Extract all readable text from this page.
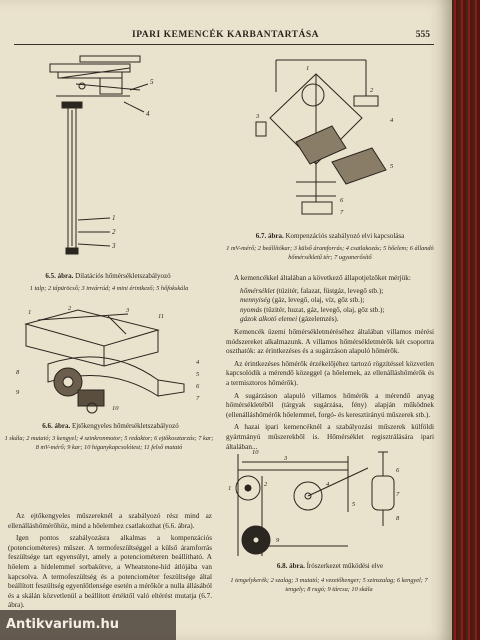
IPARI KEMENCÉK KARBANTARTÁSA	555
1
2
3
4
5
6.5. ábra. Dilatációs hőmérsékletszabályozó
1 talp; 2 tápüröcső; 3 invárrúd; 4 mini érintkező; 5 hőfokskála
1
2	3
4
5
6
7
8
9
10
11
6.6. ábra. Ejtőkengyeles hőmérsékletszabályozó
1 skála; 2 mutató; 3 kengyel; 4 szinkronmotor; 5 redaktor; 6 ejtőkosztarzás; 7 kar; 8 mV-mérő; 9 kar; 10 higanykapcsolótest; 11 felső mutató

Az ejtőkengyeles műszereknél a szabályozó rész mind az ellenálláshőmérőhöz, mind a hőelemhez csatlakozhat (6.6. ábra).

Igen pontos szabályozásra alkalmas a kompenzációs (potenciométeres) műszer. A termofeszültséggel a külső áramforrás feszültsége tart egyensúlyt, amely a potenciométeren beállítható. A hőelem a hídelemmel sorbakötve, a Wheatstone-híd átlójába van kapcsolva. A termofeszültség és a potenciométer feszültsége által beállított feszültség egyenlőtlensége esetén a mérőkör a nulla állásából és a skálán közvetlenül a beállított értéktől való eltérést mutatja (6.7. ábra).

1
2
3
4
5
6
7
6.7. ábra. Kompenzációs szabályozó elvi kapcsolása
1 mV-mérő; 2 beállítókar; 3 külső áramforrás; 4 csatlakozás; 5 hőelem; 6 állandó hőmérsékletű tér; 7 ugyanerősítő

A kemencékkel általában a következő állapotjelzőket mérjük:

hőmérséklet (tüzitér, falazat, füstgáz, levegő stb.);
mennyiség (gáz, levegő, olaj, víz, gőz stb.);
nyomás (tüzitér, huzat, gáz, levegő, olaj, gőz stb.);
gázok alkotó elemei (gázelemzés).

Kemencék üzemi hőmérsékletméréséhez általában villamos mérési módszereket alkalmazunk. A villamos hőmérsékletmérők két csoportra oszthatók: az érintkezéses és a sugárzáson alapuló hőmérők.

Az érintkezéses hőmérők érzékelőjéhez tartozó rögzítéssel közvetlen kapcsolódik a mérendő közeggel (a hőelemek, az ellenálláshőmérők és a termisztoros hőmérők).

A sugárzáson alapuló villamos hőmérők a mérendő anyag hőmérsékletéből (tárgyak sugárzása, fény) alapján működnek (ellenálláshőmérők hőelemmel, forgó- és keresztirányú műszerek stb.).

A hazai ipari kemencéknél a szabályozási műszerek külföldi gyártmányú műszerekből is. Hőmérséklet regisztrálására ipari általában...

10
3
1
2	4
5
6
7
8
9
6.8. ábra. Írószerkezet működési elve
1 tengelykerék; 2 szalag; 3 mutató; 4 vezetőhenger; 5 szinszalag; 6 kengyel; 7 tengely; 8 rugó; 9 tárcsa; 10 skála
Antikvarium.hu
